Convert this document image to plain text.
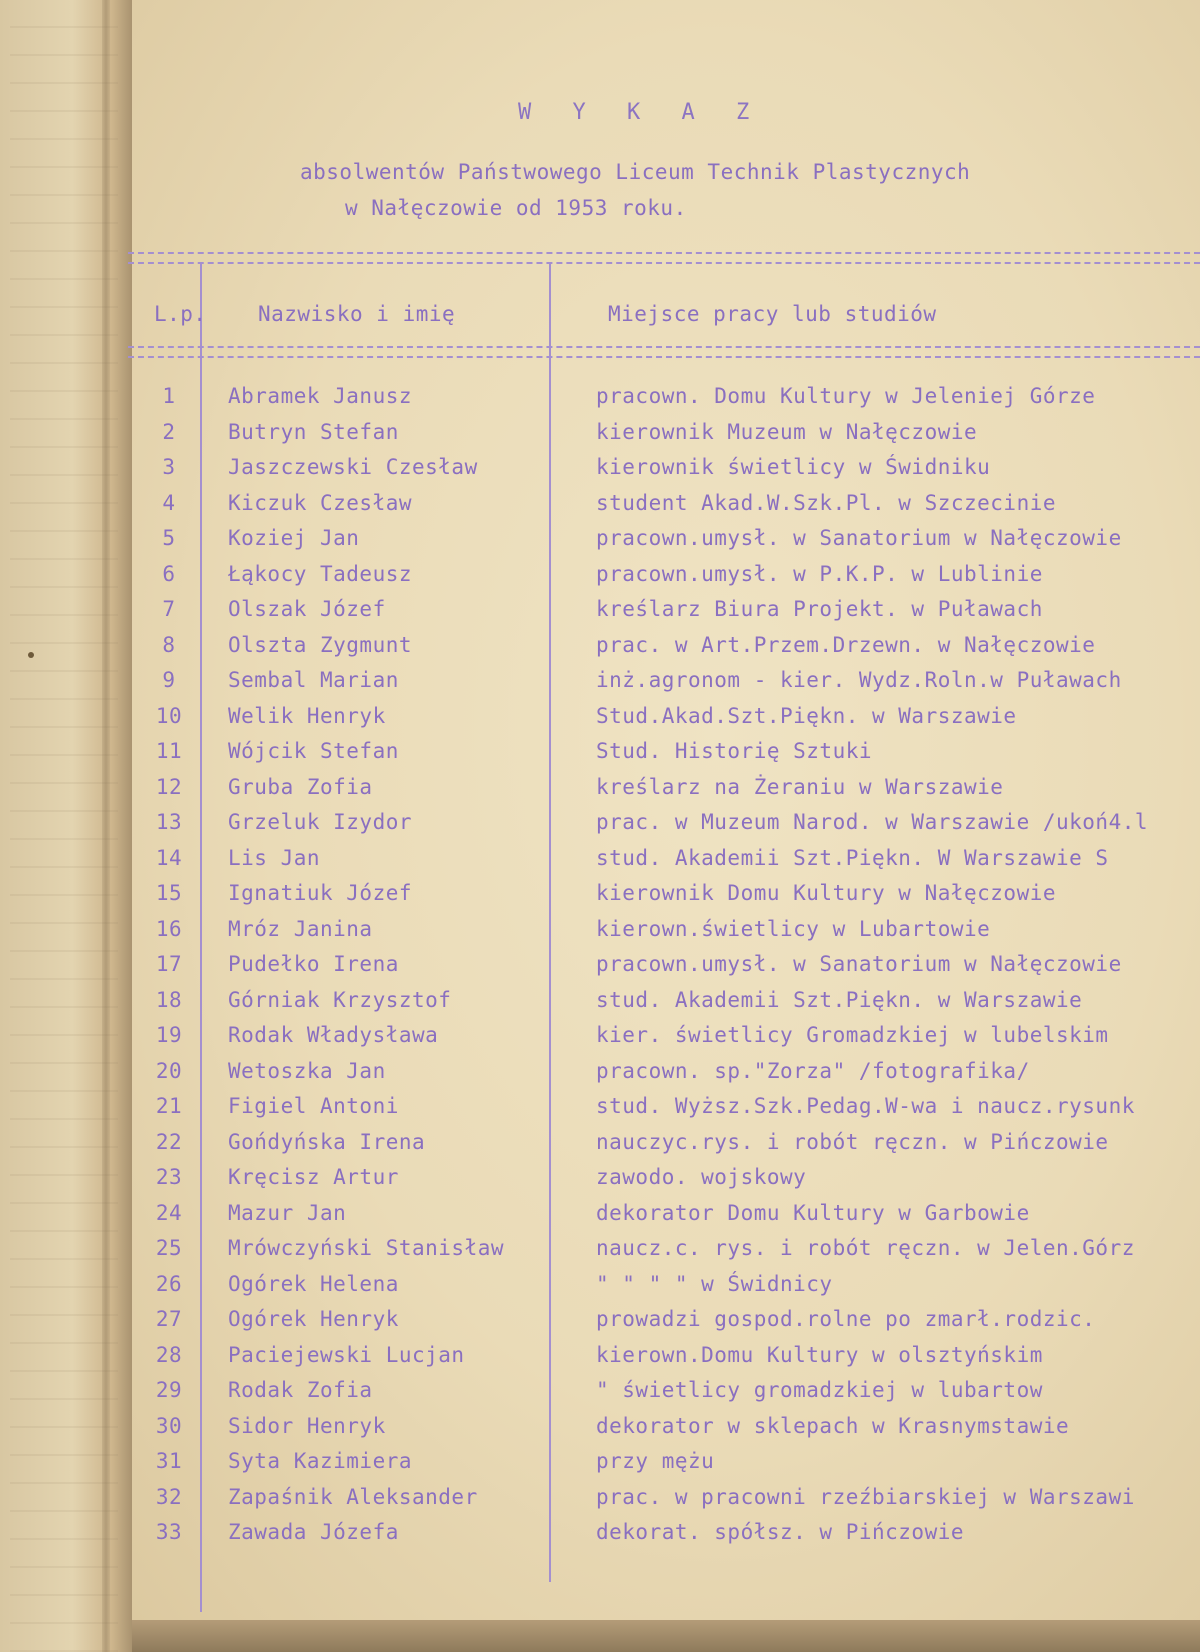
W Y K A Z
absolwentów Państwowego Liceum Technik Plastycznych
w Nałęczowie od 1953 roku.
L.p. Nazwisko i imię	Miejsce pracy lub studiów
1	Abramek Janusz	pracown. Domu Kultury w Jeleniej Górze
2	Butryn Stefan	kierownik Muzeum w Nałęczowie
3	Jaszczewski Czesław	kierownik świetlicy w Świdniku
4	Kiczuk Czesław	student Akad.W.Szk.Pl. w Szczecinie
5	Koziej Jan	pracown.umysł. w Sanatorium w Nałęczowie
6	Łąkocy Tadeusz	pracown.umysł. w P.K.P. w Lublinie
7	Olszak Józef	kreślarz Biura Projekt. w Puławach
8	Olszta Zygmunt	prac. w Art.Przem.Drzewn. w Nałęczowie
9	Sembal Marian	inż.agronom - kier. Wydz.Roln.w Puławach
10 Welik Henryk	Stud.Akad.Szt.Piękn. w Warszawie
11 Wójcik Stefan	Stud. Historię Sztuki
12 Gruba Zofia	kreślarz na Żeraniu w Warszawie
13 Grzeluk Izydor	prac. w Muzeum Narod. w Warszawie /ukoń4.l
14 Lis Jan	stud. Akademii Szt.Piękn. W Warszawie S
15 Ignatiuk Józef	kierownik Domu Kultury w Nałęczowie
16 Mróz Janina	kierown.świetlicy w Lubartowie
17 Pudełko Irena	pracown.umysł. w Sanatorium w Nałęczowie
18 Górniak Krzysztof	stud. Akademii Szt.Piękn. w Warszawie
19 Rodak Władysława	kier. świetlicy Gromadzkiej w lubelskim
20 Wetoszka Jan	pracown. sp."Zorza" /fotografika/
21 Figiel Antoni	stud. Wyższ.Szk.Pedag.W-wa i naucz.rysunk
22 Gońdyńska Irena	nauczyc.rys. i robót ręczn. w Pińczowie
23 Kręcisz Artur	zawodo. wojskowy
24 Mazur Jan	dekorator Domu Kultury w Garbowie
25 Mrówczyński Stanisław	naucz.c. rys. i robót ręczn. w Jelen.Górz
26 Ogórek Helena	" " " " w Świdnicy
27 Ogórek Henryk	prowadzi gospod.rolne po zmarł.rodzic.
28 Paciejewski Lucjan	kierown.Domu Kultury w olsztyńskim
29 Rodak Zofia	" świetlicy gromadzkiej w lubartow
30 Sidor Henryk	dekorator w sklepach w Krasnymstawie
31 Syta Kazimiera	przy mężu
32 Zapaśnik Aleksander	prac. w pracowni rzeźbiarskiej w Warszawi
33 Zawada Józefa	dekorat. spółsz. w Pińczowie
